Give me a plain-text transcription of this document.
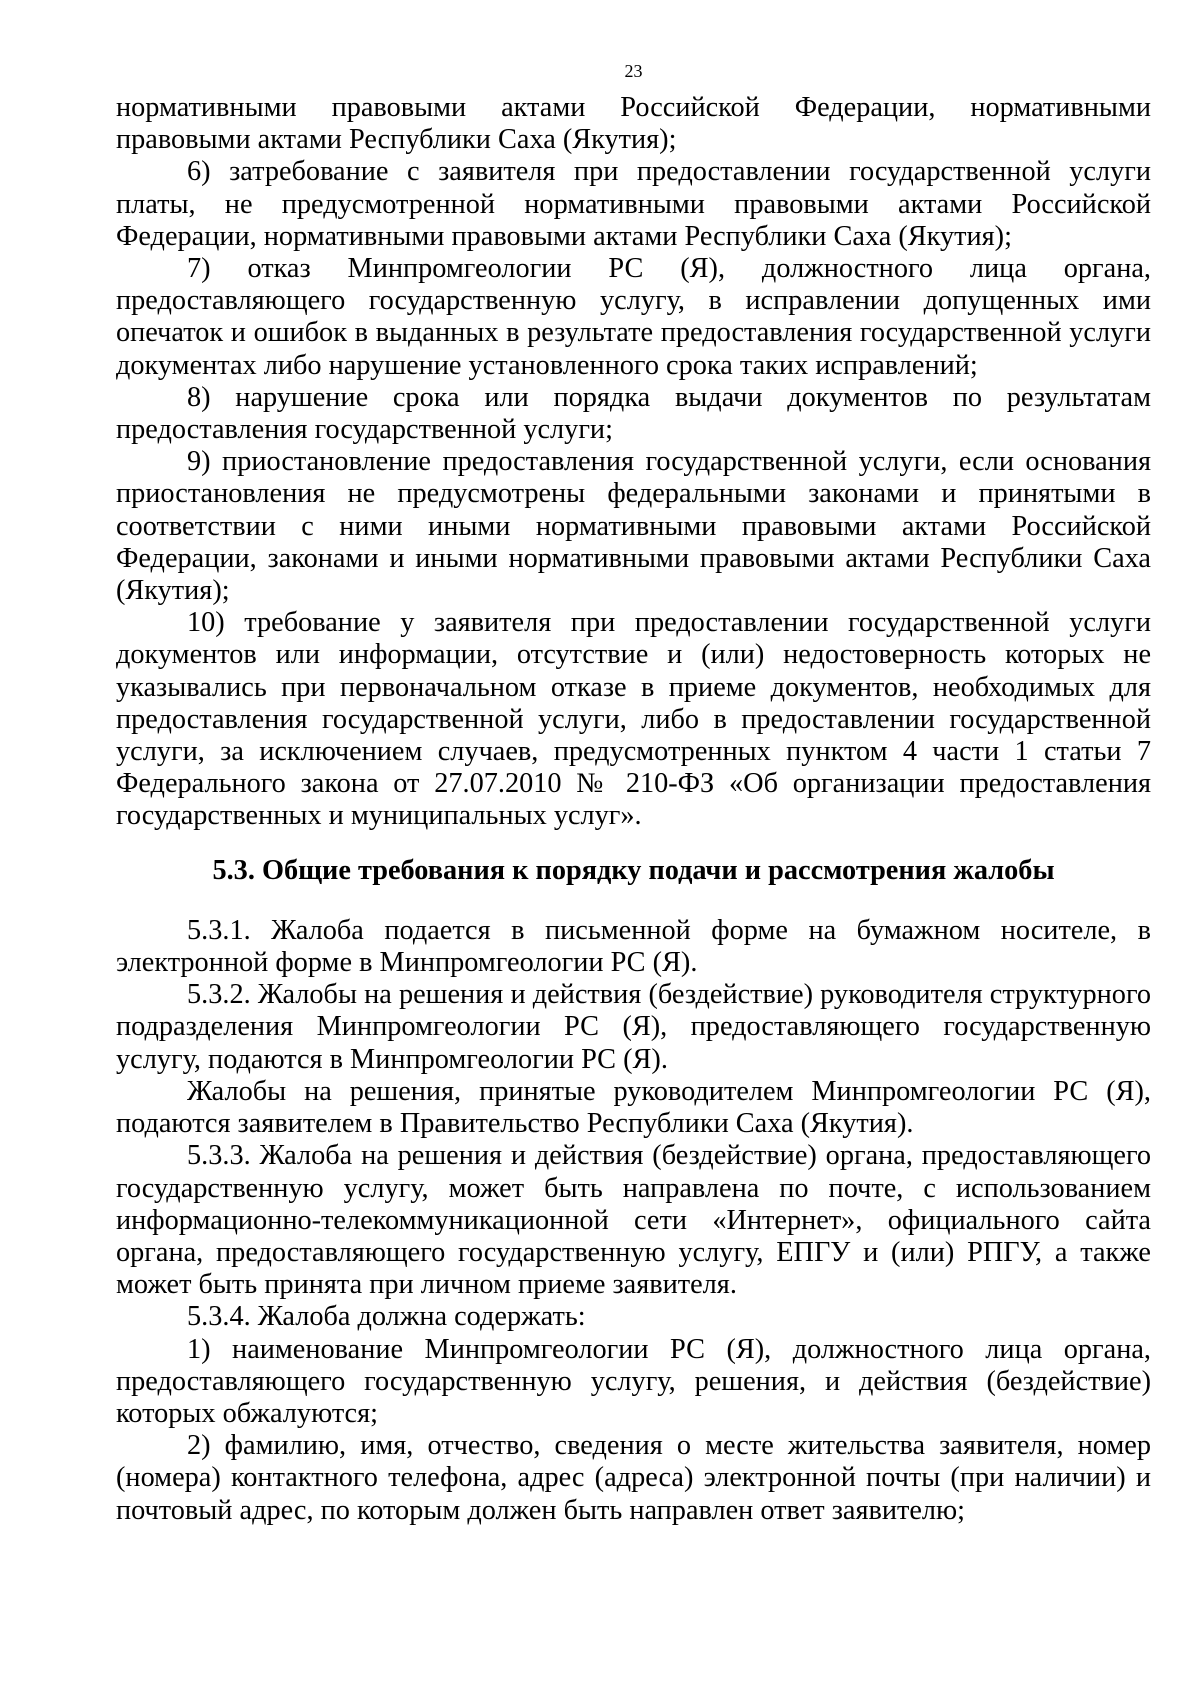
23

нормативными правовыми актами Российской Федерации, нормативными правовыми актами Республики Саха (Якутия);

6) затребование с заявителя при предоставлении государственной услуги платы, не предусмотренной нормативными правовыми актами Российской Федерации, нормативными правовыми актами Республики Саха (Якутия);

7) отказ Минпромгеологии РС (Я), должностного лица органа, предоставляющего государственную услугу, в исправлении допущенных ими опечаток и ошибок в выданных в результате предоставления государственной услуги документах либо нарушение установленного срока таких исправлений;

8) нарушение срока или порядка выдачи документов по результатам предоставления государственной услуги;

9) приостановление предоставления государственной услуги, если основания приостановления не предусмотрены федеральными законами и принятыми в соответствии с ними иными нормативными правовыми актами Российской Федерации, законами и иными нормативными правовыми актами Республики Саха (Якутия);

10) требование у заявителя при предоставлении государственной услуги документов или информации, отсутствие и (или) недостоверность которых не указывались при первоначальном отказе в приеме документов, необходимых для предоставления государственной услуги, либо в предоставлении государственной услуги, за исключением случаев, предусмотренных пунктом 4 части 1 статьи 7 Федерального закона от 27.07.2010 № 210-ФЗ «Об организации предоставления государственных и муниципальных услуг».

5.3. Общие требования к порядку подачи и рассмотрения жалобы

5.3.1. Жалоба подается в письменной форме на бумажном носителе, в электронной форме в Минпромгеологии РС (Я).

5.3.2. Жалобы на решения и действия (бездействие) руководителя структурного подразделения Минпромгеологии РС (Я), предоставляющего государственную услугу, подаются в Минпромгеологии РС (Я).

Жалобы на решения, принятые руководителем Минпромгеологии РС (Я), подаются заявителем в Правительство Республики Саха (Якутия).

5.3.3. Жалоба на решения и действия (бездействие) органа, предоставляющего государственную услугу, может быть направлена по почте, с использованием информационно-телекоммуникационной сети «Интернет», официального сайта органа, предоставляющего государственную услугу, ЕПГУ и (или) РПГУ, а также может быть принята при личном приеме заявителя.

5.3.4. Жалоба должна содержать:

1) наименование Минпромгеологии РС (Я), должностного лица органа, предоставляющего государственную услугу, решения, и действия (бездействие) которых обжалуются;

2) фамилию, имя, отчество, сведения о месте жительства заявителя, номер (номера) контактного телефона, адрес (адреса) электронной почты (при наличии) и почтовый адрес, по которым должен быть направлен ответ заявителю;
